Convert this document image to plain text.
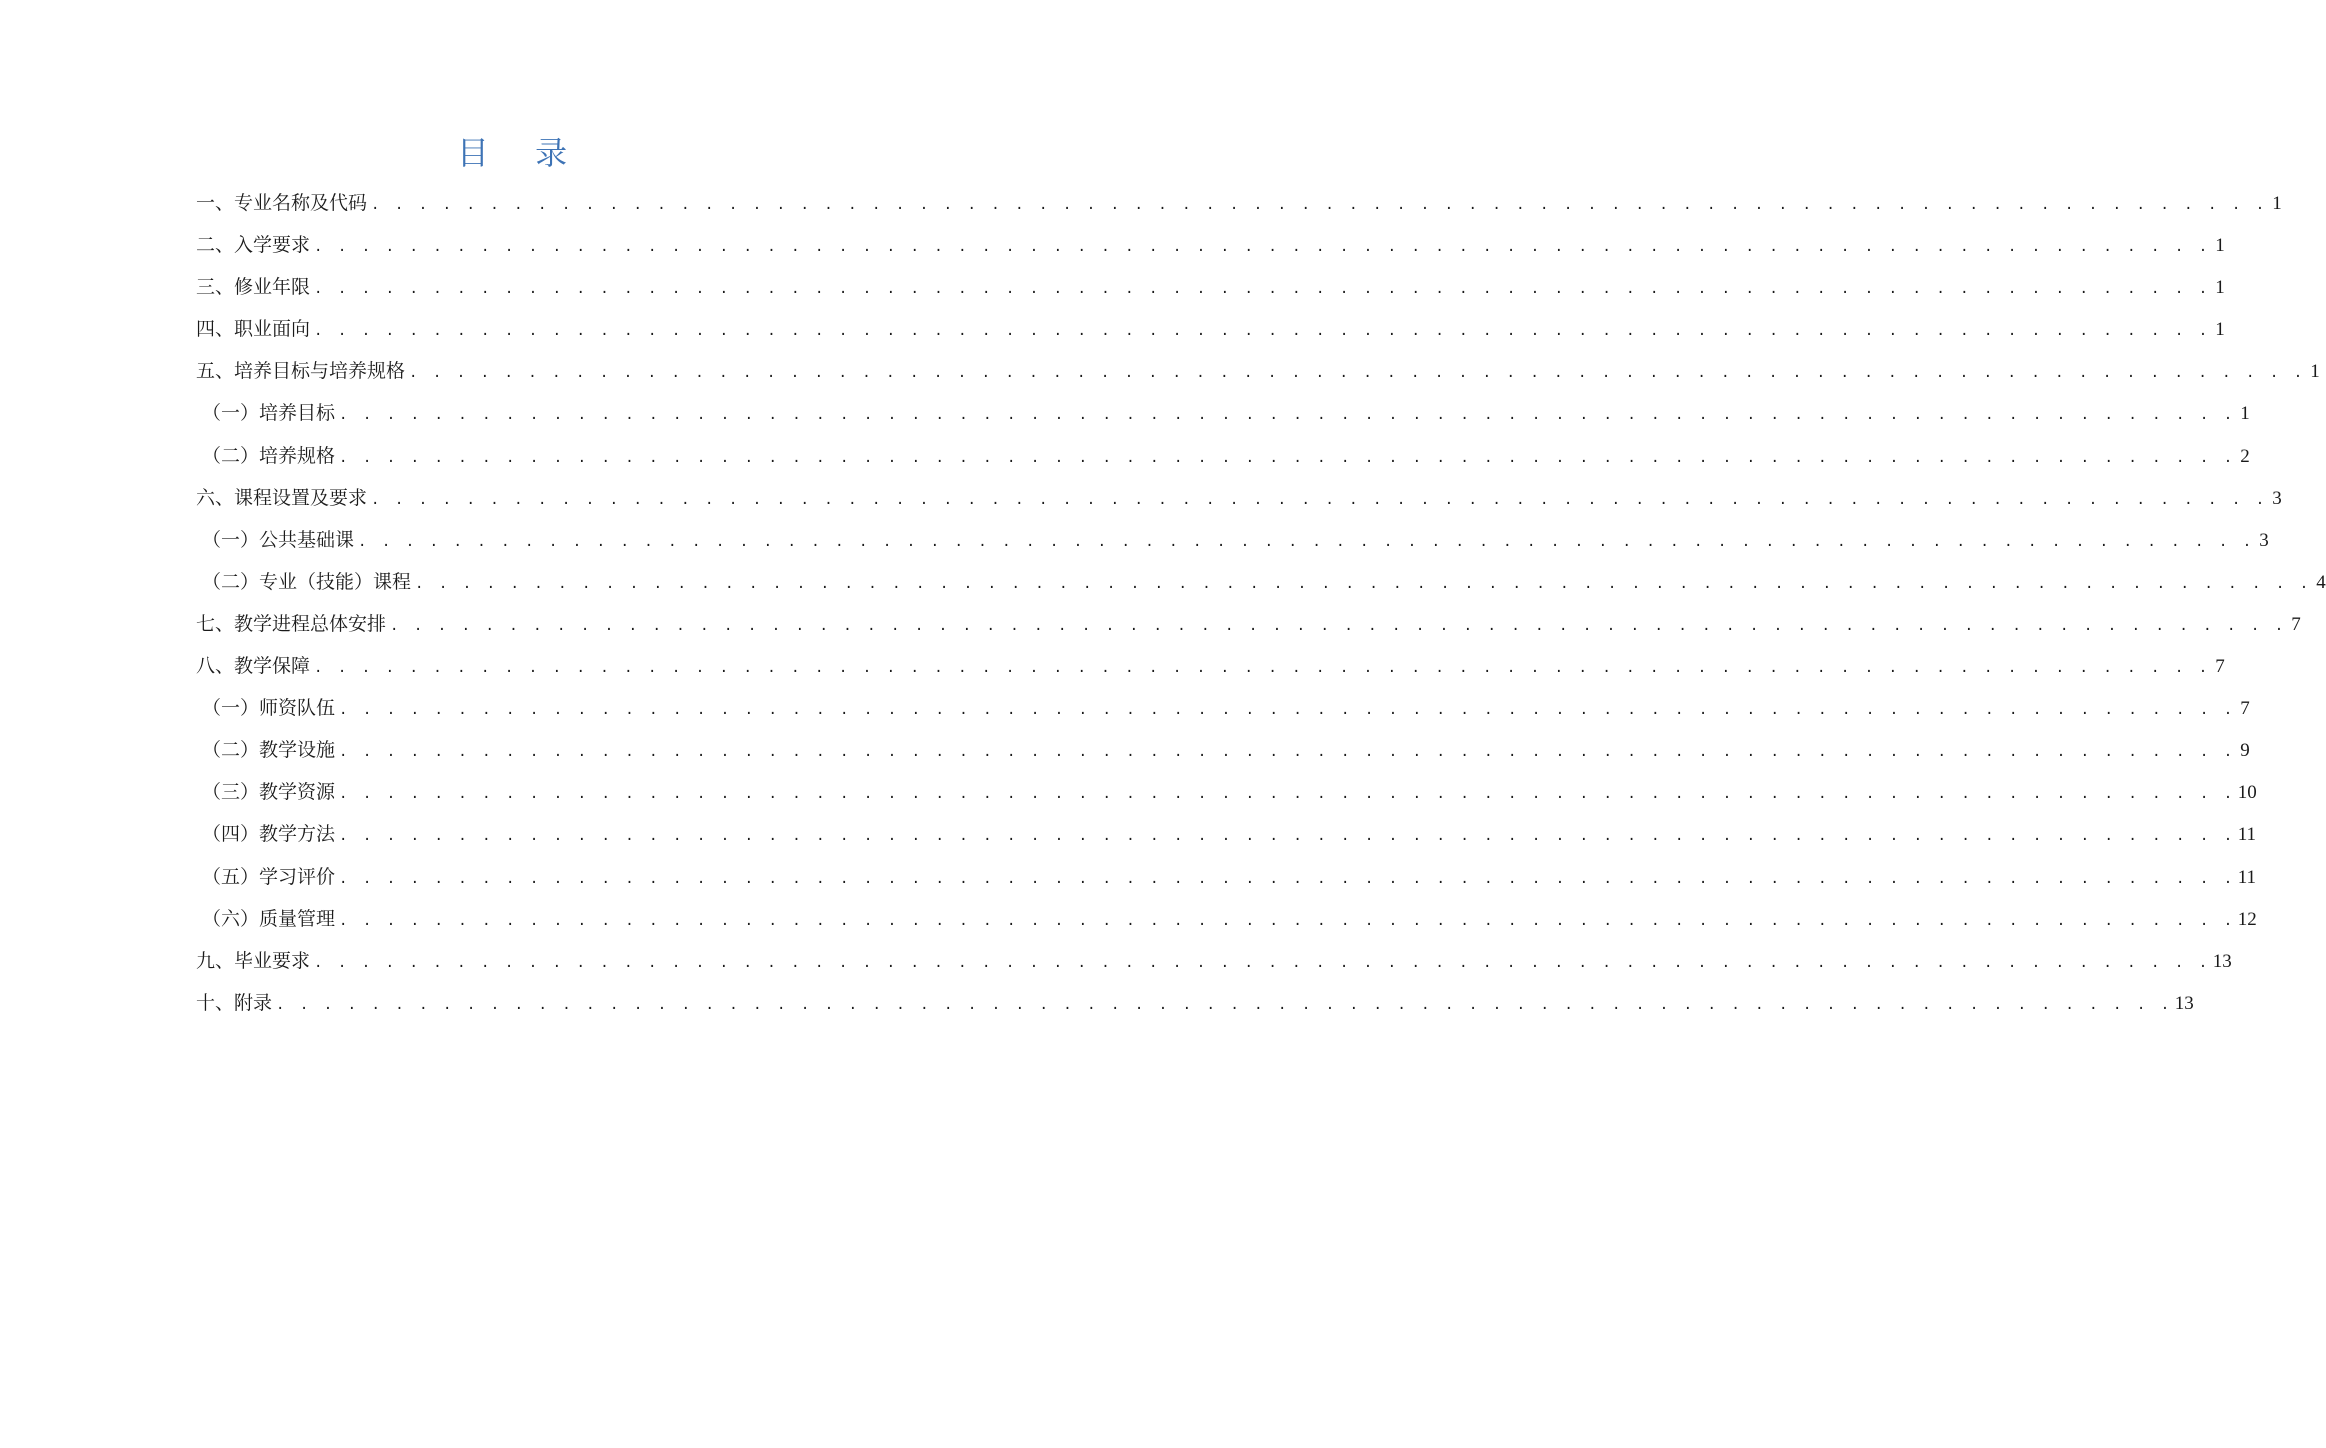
目 录
一、专业名称及代码 . . . . . . . . . . . . . . . . . . . . . . . . . . . . . . . . . . . . . . . . . . . . . . . . . . . . . . . . . . . . . . . . . . . . . . . . . . . . . . . . 1
二、入学要求 . . . . . . . . . . . . . . . . . . . . . . . . . . . . . . . . . . . . . . . . . . . . . . . . . . . . . . . . . . . . . . . . . . . . . . . . . . . . . . . . 1
三、修业年限 . . . . . . . . . . . . . . . . . . . . . . . . . . . . . . . . . . . . . . . . . . . . . . . . . . . . . . . . . . . . . . . . . . . . . . . . . . . . . . . . 1
四、职业面向 . . . . . . . . . . . . . . . . . . . . . . . . . . . . . . . . . . . . . . . . . . . . . . . . . . . . . . . . . . . . . . . . . . . . . . . . . . . . . . . . 1
五、培养目标与培养规格 . . . . . . . . . . . . . . . . . . . . . . . . . . . . . . . . . . . . . . . . . . . . . . . . . . . . . . . . . . . . . . . . . . . . . . . . . . . . . . . . 1
（一）培养目标 . . . . . . . . . . . . . . . . . . . . . . . . . . . . . . . . . . . . . . . . . . . . . . . . . . . . . . . . . . . . . . . . . . . . . . . . . . . . . . . . 1
（二）培养规格 . . . . . . . . . . . . . . . . . . . . . . . . . . . . . . . . . . . . . . . . . . . . . . . . . . . . . . . . . . . . . . . . . . . . . . . . . . . . . . . . 2
六、课程设置及要求 . . . . . . . . . . . . . . . . . . . . . . . . . . . . . . . . . . . . . . . . . . . . . . . . . . . . . . . . . . . . . . . . . . . . . . . . . . . . . . . . 3
（一）公共基础课 . . . . . . . . . . . . . . . . . . . . . . . . . . . . . . . . . . . . . . . . . . . . . . . . . . . . . . . . . . . . . . . . . . . . . . . . . . . . . . . . 3
（二）专业（技能）课程 . . . . . . . . . . . . . . . . . . . . . . . . . . . . . . . . . . . . . . . . . . . . . . . . . . . . . . . . . . . . . . . . . . . . . . . . . . . . . . . . 4
七、教学进程总体安排 . . . . . . . . . . . . . . . . . . . . . . . . . . . . . . . . . . . . . . . . . . . . . . . . . . . . . . . . . . . . . . . . . . . . . . . . . . . . . . . . 7
八、教学保障 . . . . . . . . . . . . . . . . . . . . . . . . . . . . . . . . . . . . . . . . . . . . . . . . . . . . . . . . . . . . . . . . . . . . . . . . . . . . . . . . 7
（一）师资队伍 . . . . . . . . . . . . . . . . . . . . . . . . . . . . . . . . . . . . . . . . . . . . . . . . . . . . . . . . . . . . . . . . . . . . . . . . . . . . . . . . 7
（二）教学设施 . . . . . . . . . . . . . . . . . . . . . . . . . . . . . . . . . . . . . . . . . . . . . . . . . . . . . . . . . . . . . . . . . . . . . . . . . . . . . . . . 9
（三）教学资源 . . . . . . . . . . . . . . . . . . . . . . . . . . . . . . . . . . . . . . . . . . . . . . . . . . . . . . . . . . . . . . . . . . . . . . . . . . . . . . . . 10
（四）教学方法 . . . . . . . . . . . . . . . . . . . . . . . . . . . . . . . . . . . . . . . . . . . . . . . . . . . . . . . . . . . . . . . . . . . . . . . . . . . . . . . . 11
（五）学习评价 . . . . . . . . . . . . . . . . . . . . . . . . . . . . . . . . . . . . . . . . . . . . . . . . . . . . . . . . . . . . . . . . . . . . . . . . . . . . . . . . 11
（六）质量管理 . . . . . . . . . . . . . . . . . . . . . . . . . . . . . . . . . . . . . . . . . . . . . . . . . . . . . . . . . . . . . . . . . . . . . . . . . . . . . . . . 12
九、毕业要求 . . . . . . . . . . . . . . . . . . . . . . . . . . . . . . . . . . . . . . . . . . . . . . . . . . . . . . . . . . . . . . . . . . . . . . . . . . . . . . . . 13
十、附录 . . . . . . . . . . . . . . . . . . . . . . . . . . . . . . . . . . . . . . . . . . . . . . . . . . . . . . . . . . . . . . . . . . . . . . . . . . . . . . . . 13
